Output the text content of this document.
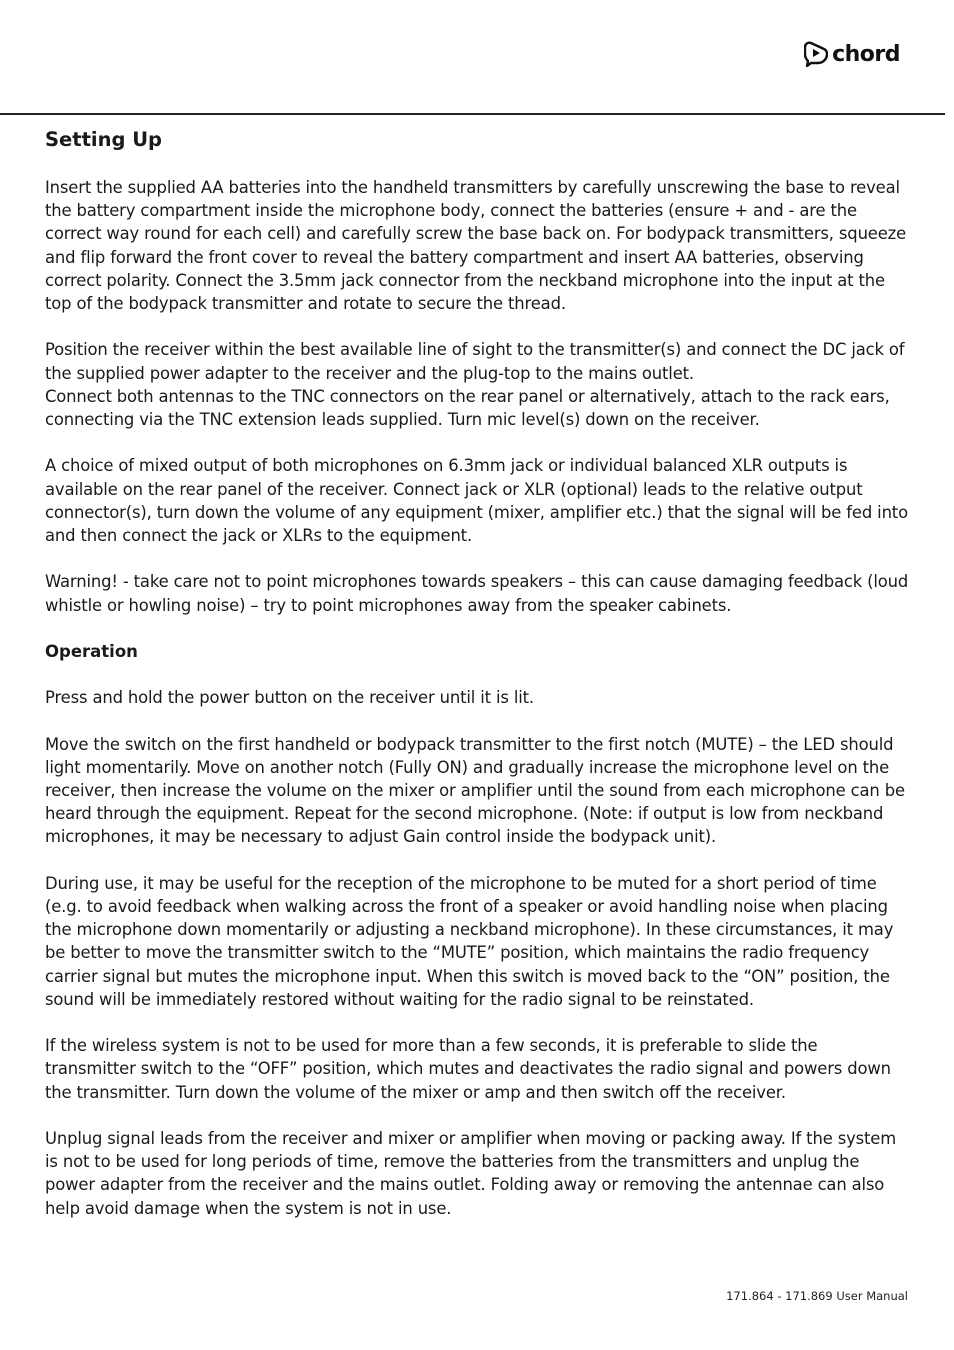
chord
Setting Up

Insert the supplied AA batteries into the handheld transmitters by carefully unscrewing the base to reveal the battery compartment inside the microphone body, connect the batteries (ensure + and - are the correct way round for each cell) and carefully screw the base back on. For bodypack transmitters, squeeze and flip forward the front cover to reveal the battery compartment and insert AA batteries, observing correct polarity. Connect the 3.5mm jack connector from the neckband microphone into the input at the top of the bodypack transmitter and rotate to secure the thread.

Position the receiver within the best available line of sight to the transmitter(s) and connect the DC jack of the supplied power adapter to the receiver and the plug-top to the mains outlet.

Connect both antennas to the TNC connectors on the rear panel or alternatively, attach to the rack ears, connecting via the TNC extension leads supplied. Turn mic level(s) down on the receiver.

A choice of mixed output of both microphones on 6.3mm jack or individual balanced XLR outputs is available on the rear panel of the receiver. Connect jack or XLR (optional) leads to the relative output connector(s), turn down the volume of any equipment (mixer, amplifier etc.) that the signal will be fed into and then connect the jack or XLRs to the equipment.

Warning! - take care not to point microphones towards speakers – this can cause damaging feedback (loud whistle or howling noise) – try to point microphones away from the speaker cabinets.

Operation

Press and hold the power button on the receiver until it is lit.

Move the switch on the first handheld or bodypack transmitter to the first notch (MUTE) – the LED should light momentarily. Move on another notch (Fully ON) and gradually increase the microphone level on the receiver, then increase the volume on the mixer or amplifier until the sound from each microphone can be heard through the equipment. Repeat for the second microphone. (Note: if output is low from neckband microphones, it may be necessary to adjust Gain control inside the bodypack unit).

During use, it may be useful for the reception of the microphone to be muted for a short period of time (e.g. to avoid feedback when walking across the front of a speaker or avoid handling noise when placing the microphone down momentarily or adjusting a neckband microphone). In these circumstances, it may be better to move the transmitter switch to the “MUTE” position, which maintains the radio frequency carrier signal but mutes the microphone input. When this switch is moved back to the “ON” position, the sound will be immediately restored without waiting for the radio signal to be reinstated.

If the wireless system is not to be used for more than a few seconds, it is preferable to slide the transmitter switch to the “OFF” position, which mutes and deactivates the radio signal and powers down the transmitter. Turn down the volume of the mixer or amp and then switch off the receiver.

Unplug signal leads from the receiver and mixer or amplifier when moving or packing away. If the system is not to be used for long periods of time, remove the batteries from the transmitters and unplug the power adapter from the receiver and the mains outlet. Folding away or removing the antennae can also help avoid damage when the system is not in use.

171.864 - 171.869 User Manual
